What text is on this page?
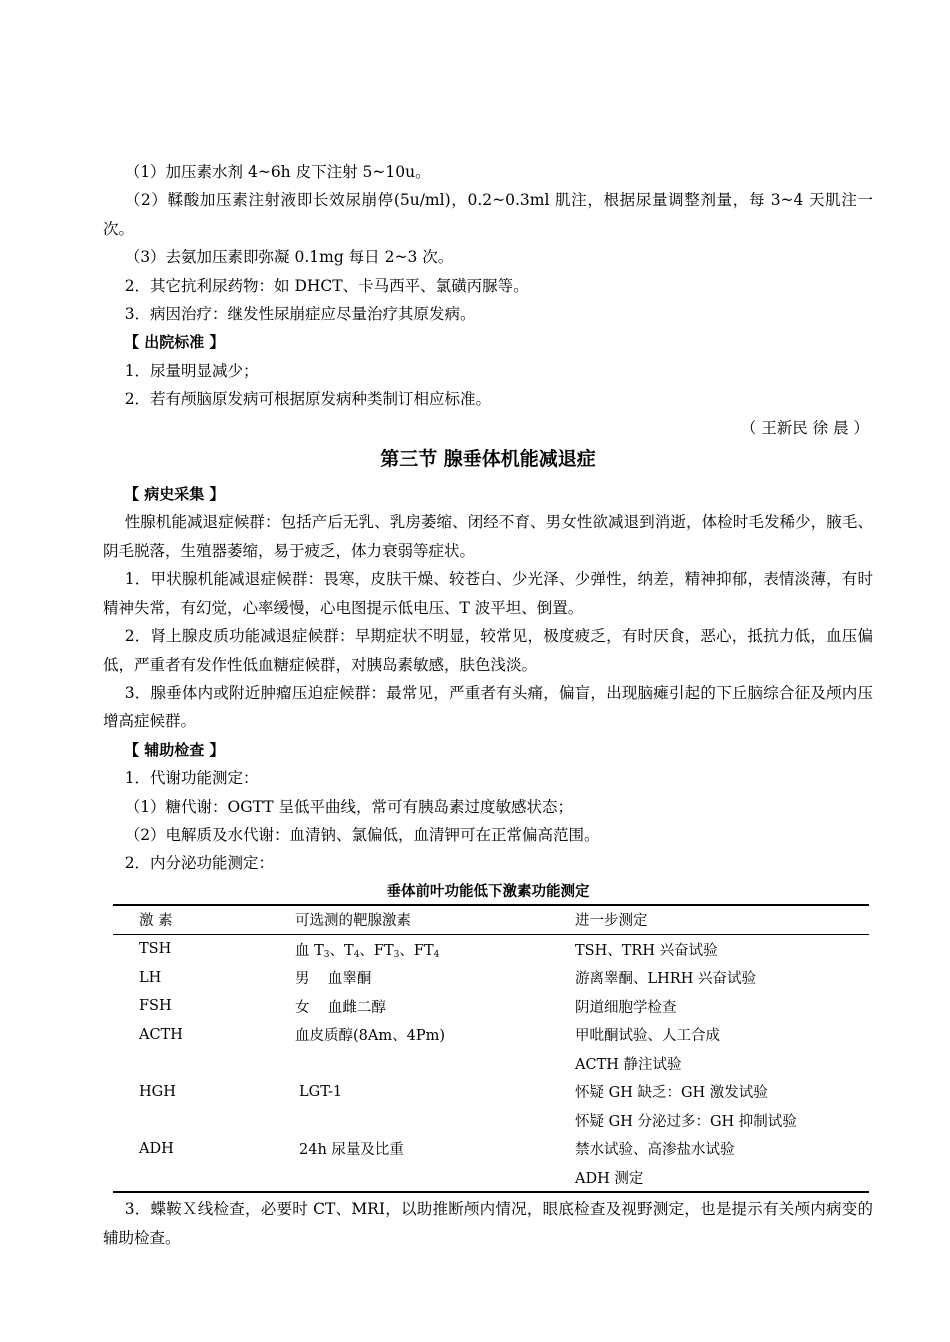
（1）加压素水剂 4~6h 皮下注射 5~10u。

（2）鞣酸加压素注射液即长效尿崩停(5u/ml)，0.2~0.3ml 肌注，根据尿量调整剂量，每 3~4 天肌注一次。

（3）去氨加压素即弥凝 0.1mg 每日 2~3 次。

2．其它抗利尿药物：如 DHCT、卡马西平、氯磺丙脲等。

3．病因治疗：继发性尿崩症应尽量治疗其原发病。

【 出院标准 】

1．尿量明显减少；

2．若有颅脑原发病可根据原发病种类制订相应标准。

（ 王新民 徐 晨 ）

第三节 腺垂体机能减退症

【 病史采集 】

性腺机能减退症候群：包括产后无乳、乳房萎缩、闭经不育、男女性欲减退到消逝，体检时毛发稀少，腋毛、阴毛脱落，生殖器萎缩，易于疲乏，体力衰弱等症状。

1．甲状腺机能减退症候群：畏寒，皮肤干燥、较苍白、少光泽、少弹性，纳差，精神抑郁，表情淡薄，有时精神失常，有幻觉，心率缓慢，心电图提示低电压、T 波平坦、倒置。

2．肾上腺皮质功能减退症候群：早期症状不明显，较常见，极度疲乏，有时厌食，恶心，抵抗力低，血压偏低，严重者有发作性低血糖症候群，对胰岛素敏感，肤色浅淡。

3．腺垂体内或附近肿瘤压迫症候群：最常见，严重者有头痛，偏盲，出现脑瘫引起的下丘脑综合征及颅内压增高症候群。

【 辅助检查 】

1．代谢功能测定：

（1）糖代谢：OGTT 呈低平曲线，常可有胰岛素过度敏感状态；

（2）电解质及水代谢：血清钠、氯偏低，血清钾可在正常偏高范围。

2．内分泌功能测定：

垂体前叶功能低下激素功能测定
激 素	可选测的靶腺激素	进一步测定
TSH	血 $T_3$、$T_4$、$FT_3$、$FT_4$	TSH、TRH 兴奋试验
LH	男    血睾酮	游离睾酮、LHRH 兴奋试验
FSH	女    血雌二醇	阴道细胞学检查
ACTH	血皮质醇(8Am、4Pm)	甲吡酮试验、人工合成
		ACTH 静注试验
HGH	LGT-1	怀疑 GH 缺乏：GH 激发试验
		怀疑 GH 分泌过多：GH 抑制试验
ADH	24h 尿量及比重	禁水试验、高渗盐水试验
		ADH 测定

3．蝶鞍Ｘ线检查，必要时 CT、MRI，以助推断颅内情况，眼底检查及视野测定，也是提示有关颅内病变的辅助检查。
